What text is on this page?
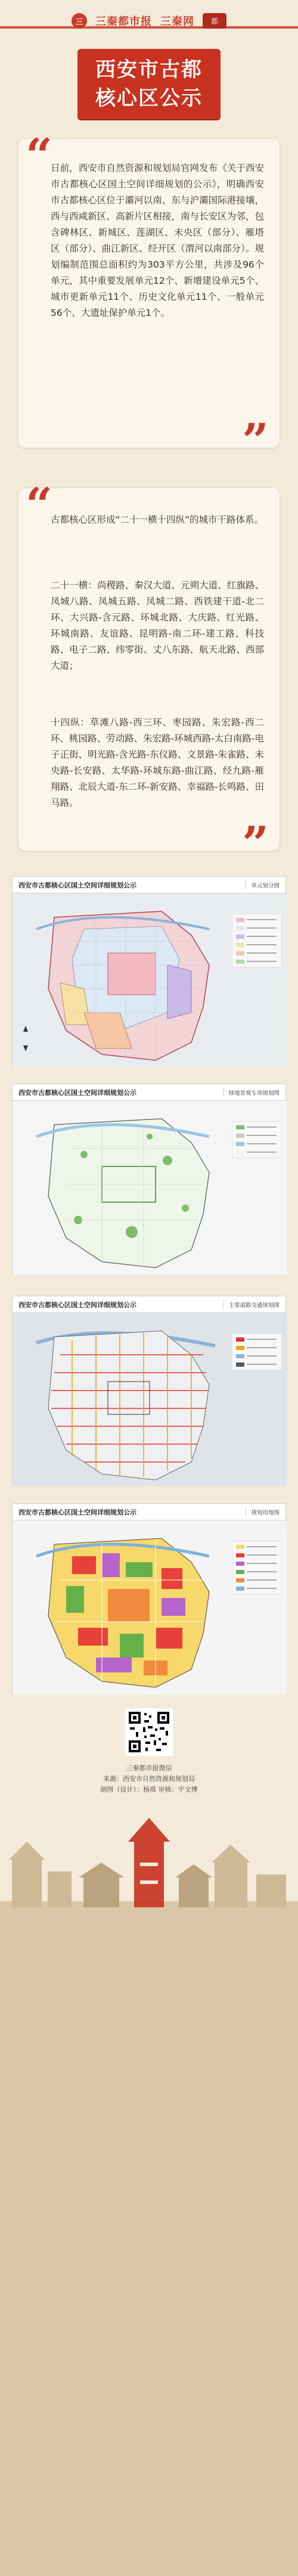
三	三秦都市报 三秦网	都
西安市古都
核心区公示
“

日前，西安市自然资源和规划局官网发布《关于西安市古都核心区国土空间详细规划的公示》，明确西安市古都核心区位于灞河以南、东与沪灞国际港接壤，西与西咸新区、高新片区相接，南与长安区为邻，包含碑林区、新城区、莲湖区、未央区（部分）、雁塔区（部分）、曲江新区、经开区（渭河以南部分）。规划编制范围总面积约为303平方公里，共涉及96个单元，其中重要发展单元12个、新增建设单元5个、城市更新单元11个、历史文化单元11个、一般单元56个、大遗址保护单元1个。

”
“

古都核心区形成“二十一横十四纵”的城市干路体系。

二十一横：尚稷路、秦汉大道、元朔大道、红旗路、凤城八路、凤城五路、凤城二路、西铁建干道-北二环、大兴路-含元路、环城北路、大庆路、红光路、环城南路、友谊路、昆明路-南二环-建工路、科技路、电子二路、纬零街、丈八东路、航天北路、西部大道；

十四纵：草滩八路-西三环、枣园路、朱宏路-西二环、桃园路、劳动路、朱宏路-环城西路-太白南路-电子正街、明光路-含光路-东仪路、文景路-朱雀路、未央路-长安路、太华路-环城东路-曲江路、经九路-雁翔路、北辰大道-东二环-新安路、幸福路-长鸣路、田马路。

”
西安市古都核心区国土空间详细规划公示	单元划分图
西安市古都核心区国土空间详细规划公示	绿地景观专项规划图
西安市古都核心区国土空间详细规划公示	主要道路交通规划图
西安市古都核心区国土空间详细规划公示	规划用地图
三秦都市报微信
来源：西安市自然资源和规划局
制图（设计）：杨琪 审核：宇文博
